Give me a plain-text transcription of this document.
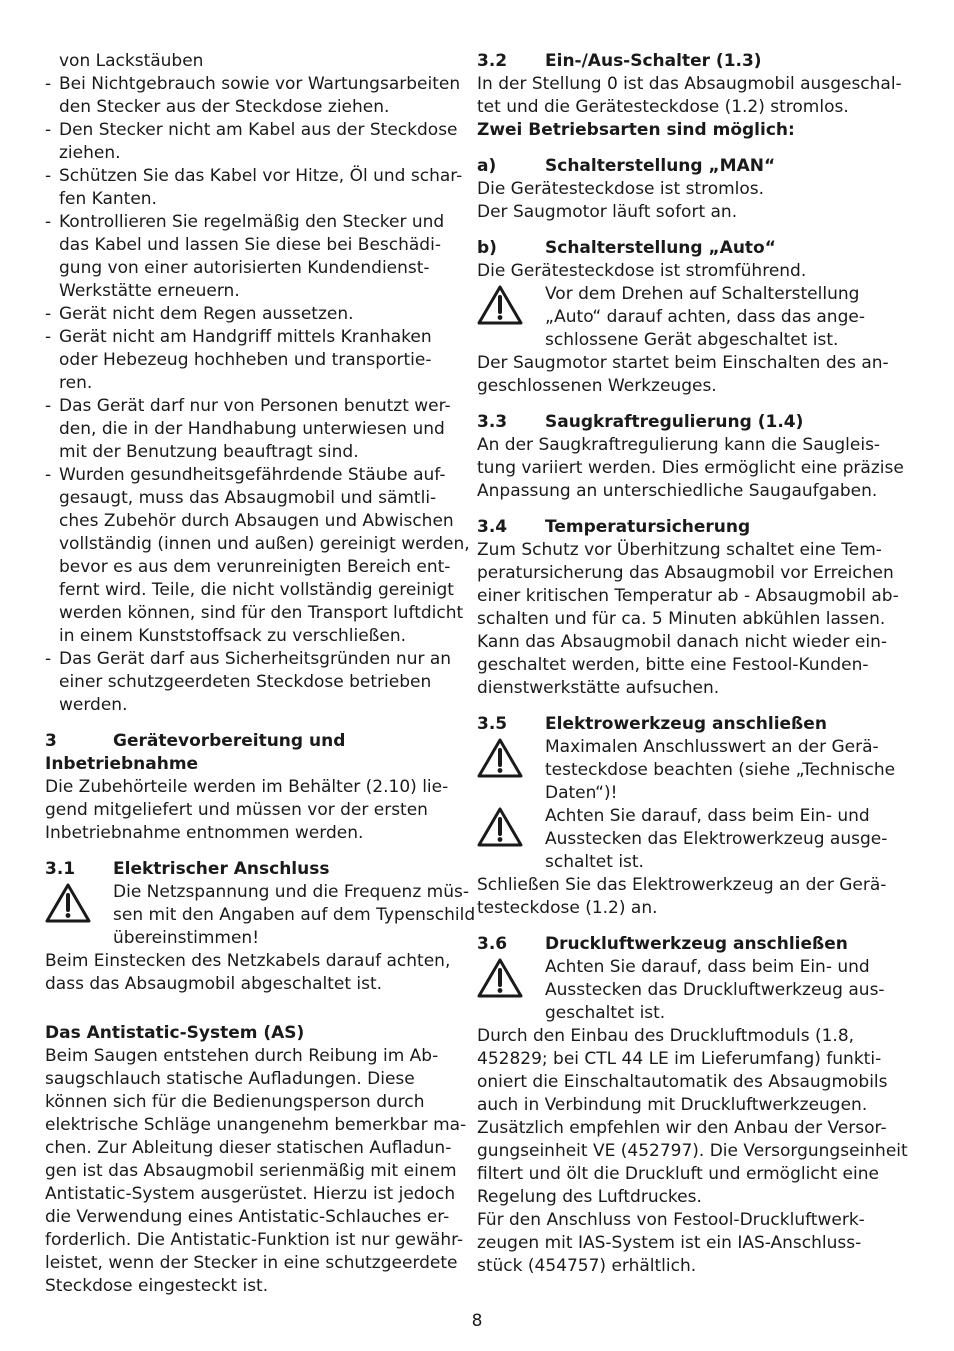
von Lackstäuben
- Bei Nichtgebrauch sowie vor Wartungsarbeiten
den Stecker aus der Steckdose ziehen.
- Den Stecker nicht am Kabel aus der Steckdose
ziehen.
- Schützen Sie das Kabel vor Hitze, Öl und schar-
fen Kanten.
- Kontrollieren Sie regelmäßig den Stecker und
das Kabel und lassen Sie diese bei Beschädi-
gung von einer autorisierten Kundendienst-
Werkstätte erneuern.
- Gerät nicht dem Regen aussetzen.
- Gerät nicht am Handgriff mittels Kranhaken
oder Hebezeug hochheben und transportie-
ren.
- Das Gerät darf nur von Personen benutzt wer-
den, die in der Handhabung unterwiesen und
mit der Benutzung beauftragt sind.
- Wurden gesundheitsgefährdende Stäube auf-
gesaugt, muss das Absaugmobil und sämtli-
ches Zubehör durch Absaugen und Abwischen
vollständig (innen und außen) gereinigt werden,
bevor es aus dem verunreinigten Bereich ent-
fernt wird. Teile, die nicht vollständig gereinigt
werden können, sind für den Transport luftdicht
in einem Kunststoffsack zu verschließen.
- Das Gerät darf aus Sicherheitsgründen nur an
einer schutzgeerdeten Steckdose betrieben
werden.
3	Gerätevorbereitung und Inbetriebnahme
Die Zubehörteile werden im Behälter (2.10) lie-
gend mitgeliefert und müssen vor der ersten
Inbetriebnahme entnommen werden.
3.1 Elektrischer Anschluss
Die Netzspannung und die Frequenz müs-
sen mit den Angaben auf dem Typenschild
übereinstimmen!
Beim Einstecken des Netzkabels darauf achten,
dass das Absaugmobil abgeschaltet ist.
Das Antistatic-System (AS)
Beim Saugen entstehen durch Reibung im Ab-
saugschlauch statische Aufladungen. Diese
können sich für die Bedienungsperson durch
elektrische Schläge unangenehm bemerkbar ma-
chen. Zur Ableitung dieser statischen Aufladun-
gen ist das Absaugmobil serienmäßig mit einem
Antistatic-System ausgerüstet. Hierzu ist jedoch
die Verwendung eines Antistatic-Schlauches er-
forderlich. Die Antistatic-Funktion ist nur gewähr-
leistet, wenn der Stecker in eine schutzgeerdete
Steckdose eingesteckt ist.
3.2 Ein-/Aus-Schalter (1.3)
In der Stellung 0 ist das Absaugmobil ausgeschal-
tet und die Gerätesteckdose (1.2) stromlos.
Zwei Betriebsarten sind möglich:
a)	Schalterstellung „MAN“
Die Gerätesteckdose ist stromlos.
Der Saugmotor läuft sofort an.
b)	Schalterstellung „Auto“
Die Gerätesteckdose ist stromführend.
Vor dem Drehen auf Schalterstellung
„Auto“ darauf achten, dass das ange-
schlossene Gerät abgeschaltet ist.
Der Saugmotor startet beim Einschalten des an-
geschlossenen Werkzeuges.
3.3 Saugkraftregulierung (1.4)
An der Saugkraftregulierung kann die Saugleis-
tung variiert werden. Dies ermöglicht eine präzise
Anpassung an unterschiedliche Saugaufgaben.
3.4 Temperatursicherung
Zum Schutz vor Überhitzung schaltet eine Tem-
peratursicherung das Absaugmobil vor Erreichen
einer kritischen Temperatur ab - Absaugmobil ab-
schalten und für ca. 5 Minuten abkühlen lassen.
Kann das Absaugmobil danach nicht wieder ein-
geschaltet werden, bitte eine Festool-Kunden-
dienstwerkstätte aufsuchen.
3.5 Elektrowerkzeug anschließen
Maximalen Anschlusswert an der Gerä-
testeckdose beachten (siehe „Technische
Daten“)!
Achten Sie darauf, dass beim Ein- und
Ausstecken das Elektrowerkzeug ausge-
schaltet ist.
Schließen Sie das Elektrowerkzeug an der Gerä-
testeckdose (1.2) an.
3.6 Druckluftwerkzeug anschließen
Achten Sie darauf, dass beim Ein- und
Ausstecken das Druckluftwerkzeug aus-
geschaltet ist.
Durch den Einbau des Druckluftmoduls (1.8,
452829; bei CTL 44 LE im Lieferumfang) funkti-
oniert die Einschaltautomatik des Absaugmobils
auch in Verbindung mit Druckluftwerkzeugen.
Zusätzlich empfehlen wir den Anbau der Versor-
gungseinheit VE (452797). Die Versorgungseinheit
filtert und ölt die Druckluft und ermöglicht eine
Regelung des Luftdruckes.
Für den Anschluss von Festool-Druckluftwerk-
zeugen mit IAS-System ist ein IAS-Anschluss-
stück (454757) erhältlich.
8
